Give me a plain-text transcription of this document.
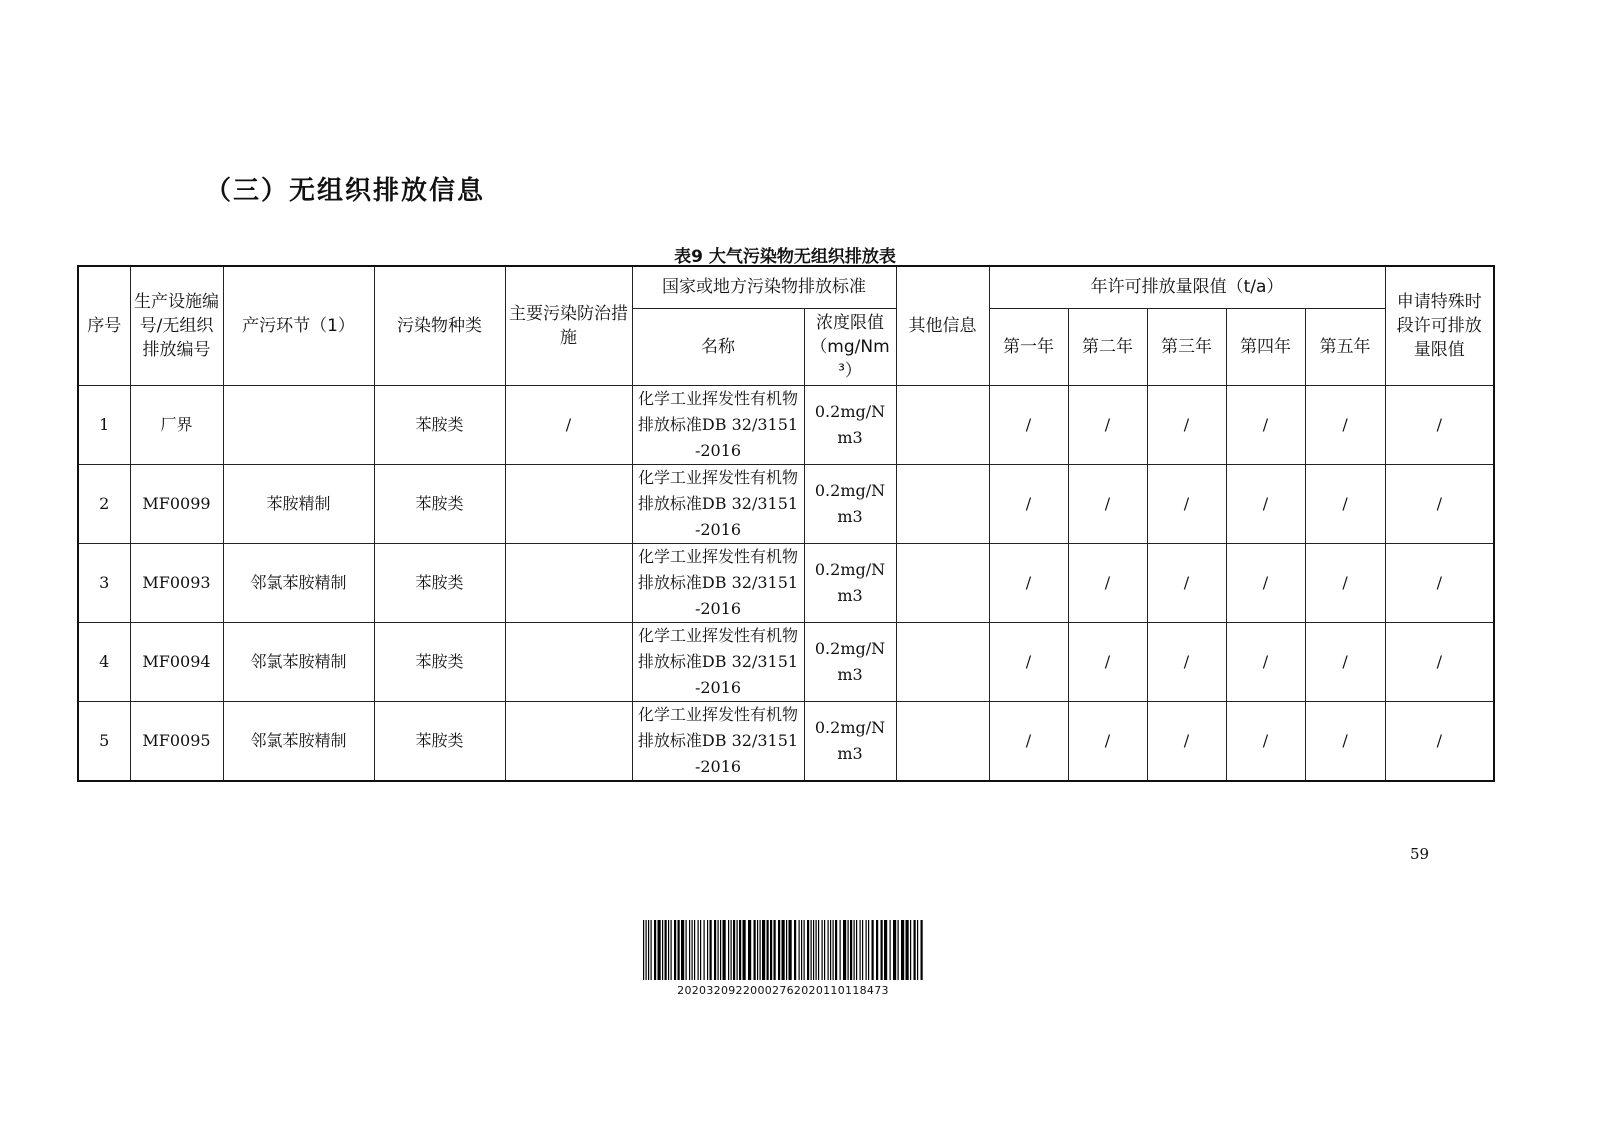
（三）无组织排放信息
表9 大气污染物无组织排放表
序号	生产设施编号/无组织排放编号	产污环节（1）	污染物种类	主要污染防治措施	国家或地方污染物排放标准		其他信息	年许可排放量限值（t/a）					申请特殊时段许可排放量限值
					名称	浓度限值（mg/Nm³）		第一年	第二年	第三年	第四年	第五年	
1	厂界		苯胺类	/	化学工业挥发性有机物排放标准DB 32/3151-2016	0.2mg/Nm3		/	/	/	/	/	/
2	MF0099	苯胺精制	苯胺类		化学工业挥发性有机物排放标准DB 32/3151-2016	0.2mg/Nm3		/	/	/	/	/	/
3	MF0093	邻氯苯胺精制	苯胺类		化学工业挥发性有机物排放标准DB 32/3151-2016	0.2mg/Nm3		/	/	/	/	/	/
4	MF0094	邻氯苯胺精制	苯胺类		化学工业挥发性有机物排放标准DB 32/3151-2016	0.2mg/Nm3		/	/	/	/	/	/
5	MF0095	邻氯苯胺精制	苯胺类		化学工业挥发性有机物排放标准DB 32/3151-2016	0.2mg/Nm3		/	/	/	/	/	/
59
20203209220002762020110118473
